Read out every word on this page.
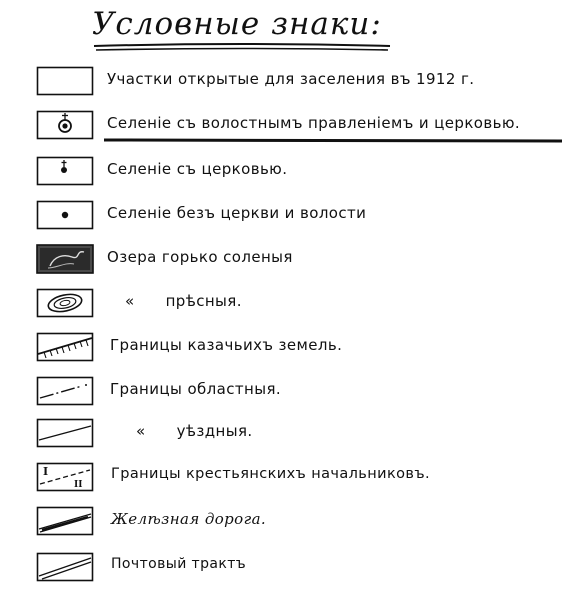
Условные знаки:
Участки открытые для заселения въ 1912 г.
Селеніе съ волостнымъ правленіемъ и церковью.
Селеніе съ церковью.
Селеніе безъ церкви и волости
Озера горько соленыя
«      прѣсныя.
Границы казачьихъ земель.
Границы областныя.
«      уѣздныя.
I
II
Границы крестьянскихъ начальниковъ.
Желѣзная дорога.
Почтовый трактъ
